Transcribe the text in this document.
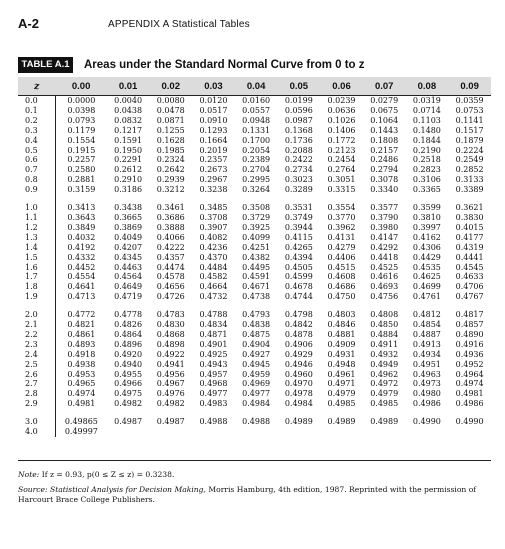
A-2	APPENDIX A Statistical Tables
TABLE A.1	Areas under the Standard Normal Curve from 0 to z
z	0.00	0.01	0.02	0.03	0.04	0.05	0.06	0.07	0.08	0.09
0.0	0.0000	0.0040	0.0080	0.0120	0.0160	0.0199	0.0239	0.0279	0.0319	0.0359
0.1	0.0398	0.0438	0.0478	0.0517	0.0557	0.0596	0.0636	0.0675	0.0714	0.0753
0.2	0.0793	0.0832	0.0871	0.0910	0.0948	0.0987	0.1026	0.1064	0.1103	0.1141
0.3	0.1179	0.1217	0.1255	0.1293	0.1331	0.1368	0.1406	0.1443	0.1480	0.1517
0.4	0.1554	0.1591	0.1628	0.1664	0.1700	0.1736	0.1772	0.1808	0.1844	0.1879
0.5	0.1915	0.1950	0.1985	0.2019	0.2054	0.2088	0.2123	0.2157	0.2190	0.2224
0.6	0.2257	0.2291	0.2324	0.2357	0.2389	0.2422	0.2454	0.2486	0.2518	0.2549
0.7	0.2580	0.2612	0.2642	0.2673	0.2704	0.2734	0.2764	0.2794	0.2823	0.2852
0.8	0.2881	0.2910	0.2939	0.2967	0.2995	0.3023	0.3051	0.3078	0.3106	0.3133
0.9	0.3159	0.3186	0.3212	0.3238	0.3264	0.3289	0.3315	0.3340	0.3365	0.3389

1.0	0.3413	0.3438	0.3461	0.3485	0.3508	0.3531	0.3554	0.3577	0.3599	0.3621
1.1	0.3643	0.3665	0.3686	0.3708	0.3729	0.3749	0.3770	0.3790	0.3810	0.3830
1.2	0.3849	0.3869	0.3888	0.3907	0.3925	0.3944	0.3962	0.3980	0.3997	0.4015
1.3	0.4032	0.4049	0.4066	0.4082	0.4099	0.4115	0.4131	0.4147	0.4162	0.4177
1.4	0.4192	0.4207	0.4222	0.4236	0.4251	0.4265	0.4279	0.4292	0.4306	0.4319
1.5	0.4332	0.4345	0.4357	0.4370	0.4382	0.4394	0.4406	0.4418	0.4429	0.4441
1.6	0.4452	0.4463	0.4474	0.4484	0.4495	0.4505	0.4515	0.4525	0.4535	0.4545
1.7	0.4554	0.4564	0.4578	0.4582	0.4591	0.4599	0.4608	0.4616	0.4625	0.4633
1.8	0.4641	0.4649	0.4656	0.4664	0.4671	0.4678	0.4686	0.4693	0.4699	0.4706
1.9	0.4713	0.4719	0.4726	0.4732	0.4738	0.4744	0.4750	0.4756	0.4761	0.4767

2.0	0.4772	0.4778	0.4783	0.4788	0.4793	0.4798	0.4803	0.4808	0.4812	0.4817
2.1	0.4821	0.4826	0.4830	0.4834	0.4838	0.4842	0.4846	0.4850	0.4854	0.4857
2.2	0.4861	0.4864	0.4868	0.4871	0.4875	0.4878	0.4881	0.4884	0.4887	0.4890
2.3	0.4893	0.4896	0.4898	0.4901	0.4904	0.4906	0.4909	0.4911	0.4913	0.4916
2.4	0.4918	0.4920	0.4922	0.4925	0.4927	0.4929	0.4931	0.4932	0.4934	0.4936
2.5	0.4938	0.4940	0.4941	0.4943	0.4945	0.4946	0.4948	0.4949	0.4951	0.4952
2.6	0.4953	0.4955	0.4956	0.4957	0.4959	0.4960	0.4961	0.4962	0.4963	0.4964
2.7	0.4965	0.4966	0.4967	0.4968	0.4969	0.4970	0.4971	0.4972	0.4973	0.4974
2.8	0.4974	0.4975	0.4976	0.4977	0.4977	0.4978	0.4979	0.4979	0.4980	0.4981
2.9	0.4981	0.4982	0.4982	0.4983	0.4984	0.4984	0.4985	0.4985	0.4986	0.4986

3.0	0.49865	0.4987	0.4987	0.4988	0.4988	0.4989	0.4989	0.4989	0.4990	0.4990
4.0	0.49997									
Note: If z = 0.93, p(0 ≤ Z ≤ z) = 0.3238.
Source: Statistical Analysis for Decision Making, Morris Hamburg, 4th edition, 1987. Reprinted with the permission of Harcourt Brace College Publishers.
